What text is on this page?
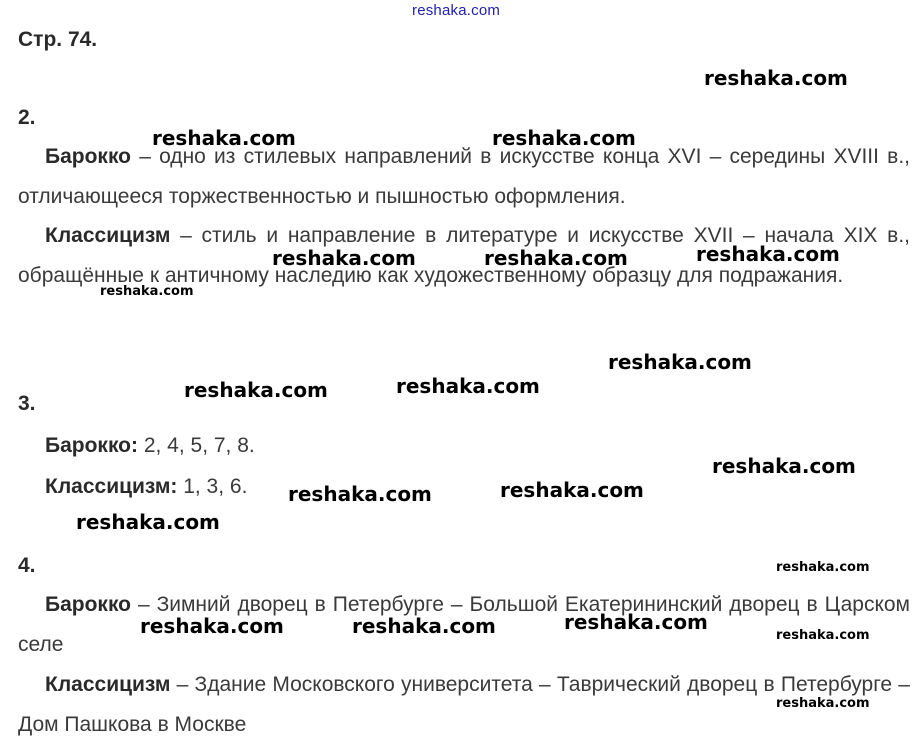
reshaka.com
Стр. 74.
2.
Барокко – одно из стилевых направлений в искусстве конца XVI – середины XVIII в., отличающееся торжественностью и пышностью оформления.
Классицизм – стиль и направление в литературе и искусстве XVII – начала XIX в., обращённые к античному наследию как художественному образцу для подражания.
3.
Барокко: 2, 4, 5, 7, 8.
Классицизм: 1, 3, 6.
4.
Барокко – Зимний дворец в Петербурге – Большой Екатерининский дворец в Царском селе
Классицизм – Здание Московского университета – Таврический дворец в Петербурге – Дом Пашкова в Москве
reshaka.com
reshaka.com	reshaka.com
reshaka.com	reshaka.com	reshaka.com
reshaka.com
reshaka.com
reshaka.com	reshaka.com
reshaka.com
reshaka.com	reshaka.com
reshaka.com
reshaka.com
reshaka.com	reshaka.com	reshaka.com
reshaka.com
reshaka.com
